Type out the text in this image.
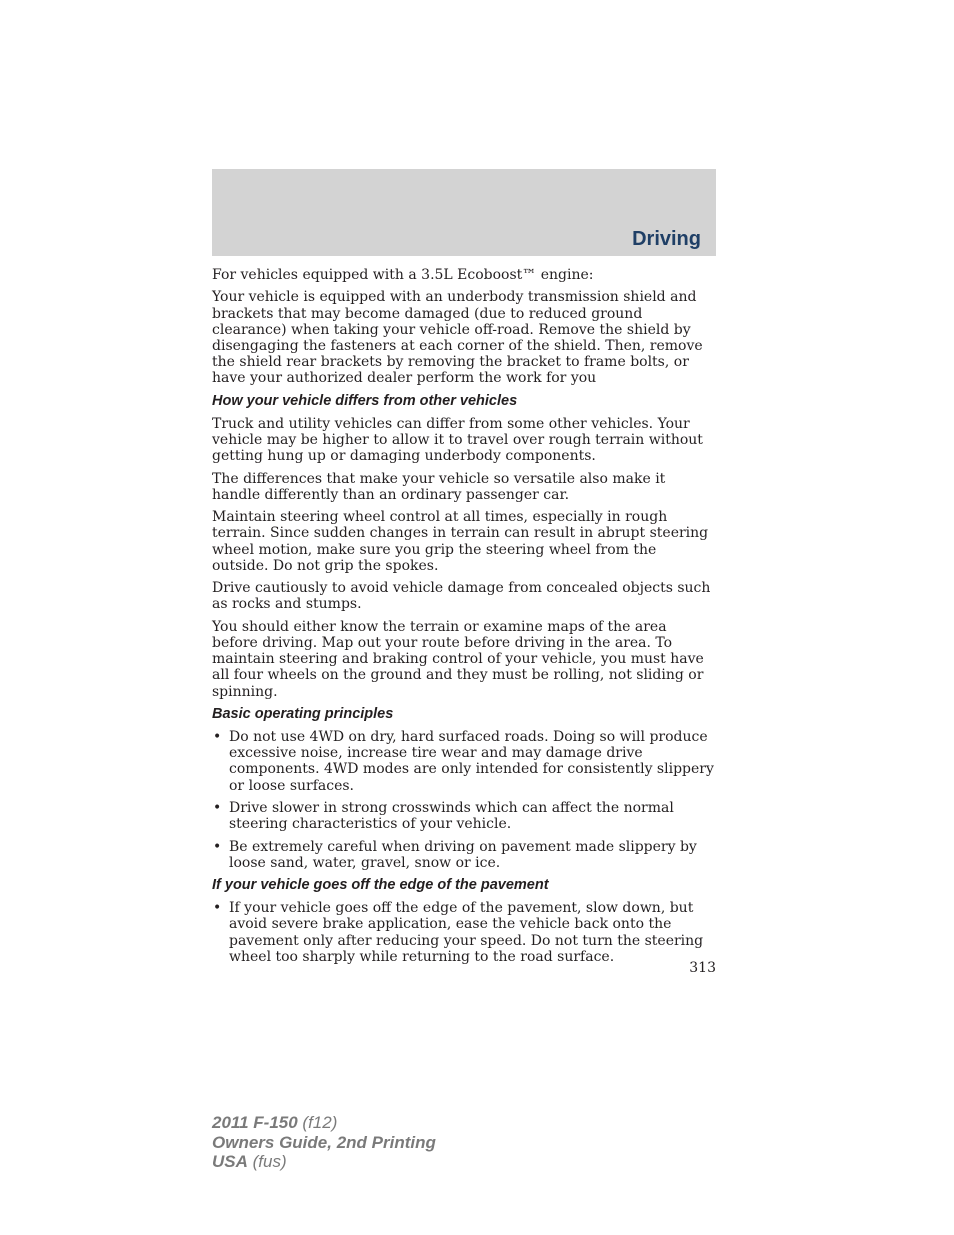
Driving

For vehicles equipped with a 3.5L Ecoboost™ engine:

Your vehicle is equipped with an underbody transmission shield and brackets that may become damaged (due to reduced ground clearance) when taking your vehicle off-road. Remove the shield by disengaging the fasteners at each corner of the shield. Then, remove the shield rear brackets by removing the bracket to frame bolts, or have your authorized dealer perform the work for you

How your vehicle differs from other vehicles

Truck and utility vehicles can differ from some other vehicles. Your vehicle may be higher to allow it to travel over rough terrain without getting hung up or damaging underbody components.

The differences that make your vehicle so versatile also make it handle differently than an ordinary passenger car.

Maintain steering wheel control at all times, especially in rough terrain. Since sudden changes in terrain can result in abrupt steering wheel motion, make sure you grip the steering wheel from the outside. Do not grip the spokes.

Drive cautiously to avoid vehicle damage from concealed objects such as rocks and stumps.

You should either know the terrain or examine maps of the area before driving. Map out your route before driving in the area. To maintain steering and braking control of your vehicle, you must have all four wheels on the ground and they must be rolling, not sliding or spinning.

Basic operating principles
• Do not use 4WD on dry, hard surfaced roads. Doing so will produce excessive noise, increase tire wear and may damage drive components. 4WD modes are only intended for consistently slippery or loose surfaces.
• Drive slower in strong crosswinds which can affect the normal steering characteristics of your vehicle.
• Be extremely careful when driving on pavement made slippery by loose sand, water, gravel, snow or ice.
If your vehicle goes off the edge of the pavement
• If your vehicle goes off the edge of the pavement, slow down, but avoid severe brake application, ease the vehicle back onto the pavement only after reducing your speed. Do not turn the steering wheel too sharply while returning to the road surface.
313
2011 F-150 (f12)
Owners Guide, 2nd Printing
USA (fus)
